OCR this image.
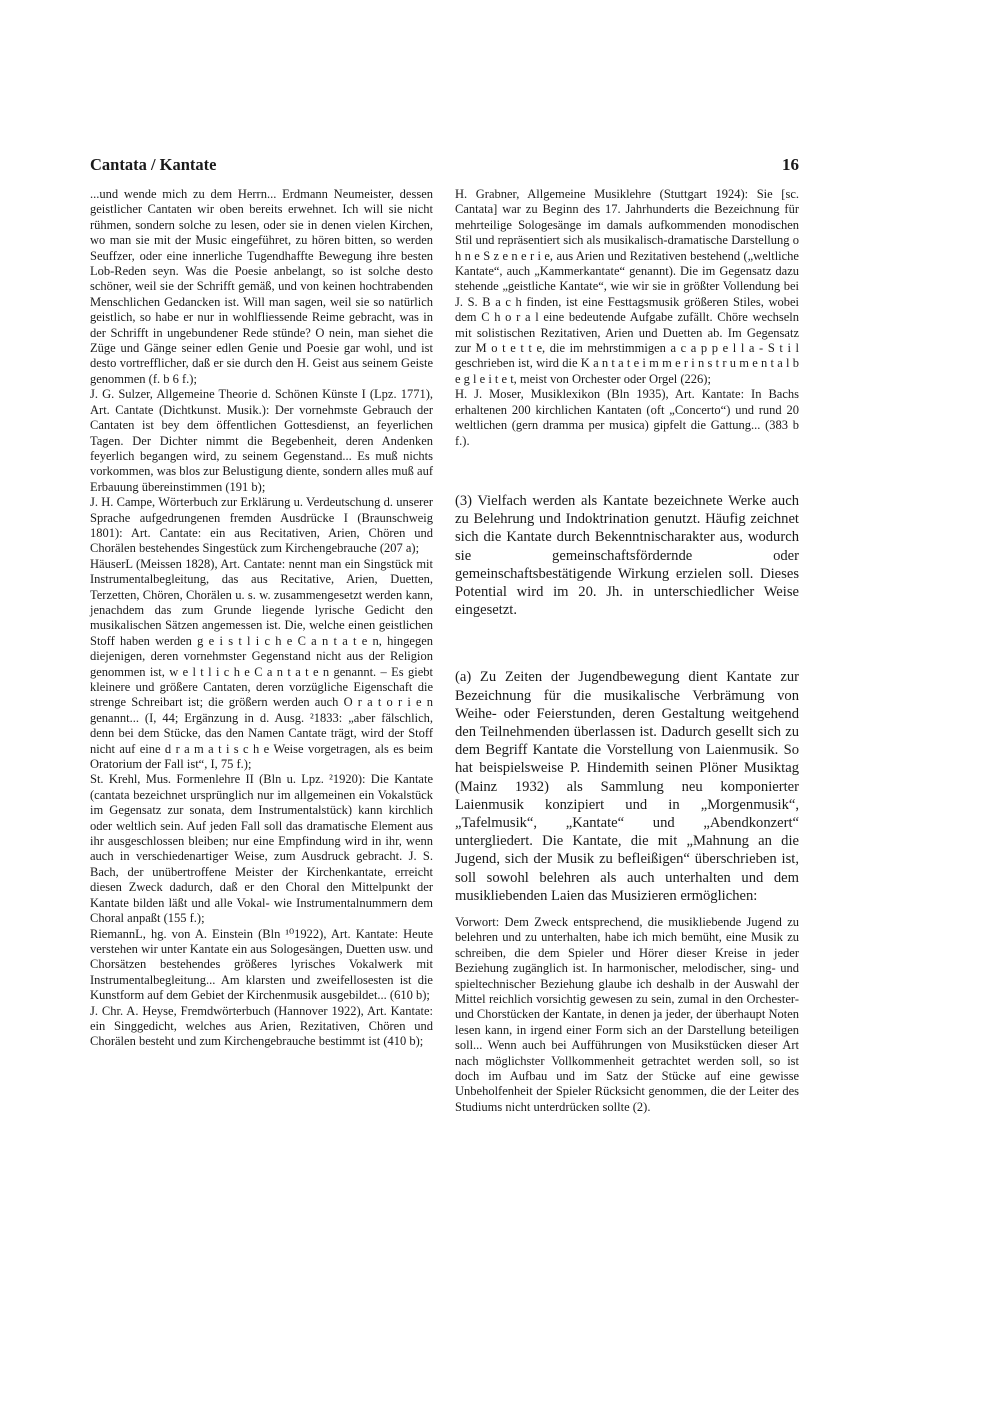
Cantata / Kantate	16

...und wende mich zu dem Herrn... Erdmann Neumeister, dessen geistlicher Cantaten wir oben bereits erwehnet. Ich will sie nicht rühmen, sondern solche zu lesen, oder sie in denen vielen Kirchen, wo man sie mit der Music eingeführet, zu hören bitten, so werden Seuffzer, oder eine innerliche Tugendhaffte Bewegung ihre besten Lob-Reden seyn. Was die Poesie anbelangt, so ist solche desto schöner, weil sie der Schrifft gemäß, und von keinen hochtrabenden Menschlichen Gedancken ist. Will man sagen, weil sie so natürlich geistlich, so habe er nur in wohlfliessende Reime gebracht, was in der Schrifft in ungebundener Rede stünde? O nein, man siehet die Züge und Gänge seiner edlen Genie und Poesie gar wohl, und ist desto vortrefflicher, daß er sie durch den H. Geist aus seinem Geiste genommen (f. b 6 f.);

J. G. Sulzer, Allgemeine Theorie d. Schönen Künste I (Lpz. 1771), Art. Cantate (Dichtkunst. Musik.): Der vornehmste Gebrauch der Cantaten ist bey dem öffentlichen Gottesdienst, an feyerlichen Tagen. Der Dichter nimmt die Begebenheit, deren Andenken feyerlich begangen wird, zu seinem Gegenstand... Es muß nichts vorkommen, was blos zur Belustigung diente, sondern alles muß auf Erbauung übereinstimmen (191 b);

J. H. Campe, Wörterbuch zur Erklärung u. Verdeutschung d. unserer Sprache aufgedrungenen fremden Ausdrücke I (Braunschweig 1801): Art. Cantate: ein aus Recitativen, Arien, Chören und Chorälen bestehendes Singestück zum Kirchengebrauche (207 a);

HäuserL (Meissen 1828), Art. Cantate: nennt man ein Singstück mit Instrumentalbegleitung, das aus Recitative, Arien, Duetten, Terzetten, Chören, Chorälen u. s. w. zusammengesetzt werden kann, jenachdem das zum Grunde liegende lyrische Gedicht den musikalischen Sätzen angemessen ist. Die, welche einen geistlichen Stoff haben werden g e i s t l i c h e C a n t a t e n, hingegen diejenigen, deren vornehmster Gegenstand nicht aus der Religion genommen ist, w e l t l i c h e C a n t a t e n genannt. – Es giebt kleinere und größere Cantaten, deren vorzügliche Eigenschaft die strenge Schreibart ist; die größern werden auch O r a t o r i e n genannt... (I, 44; Ergänzung in d. Ausg. ²1833: „aber fälschlich, denn bei dem Stücke, das den Namen Cantate trägt, wird der Stoff nicht auf eine d r a m a t i s c h e Weise vorgetragen, als es beim Oratorium der Fall ist“, I, 75 f.);

St. Krehl, Mus. Formenlehre II (Bln u. Lpz. ²1920): Die Kantate (cantata bezeichnet ursprünglich nur im allgemeinen ein Vokalstück im Gegensatz zur sonata, dem Instrumentalstück) kann kirchlich oder weltlich sein. Auf jeden Fall soll das dramatische Element aus ihr ausgeschlossen bleiben; nur eine Empfindung wird in ihr, wenn auch in verschiedenartiger Weise, zum Ausdruck gebracht. J. S. Bach, der unübertroffene Meister der Kirchenkantate, erreicht diesen Zweck dadurch, daß er den Choral den Mittelpunkt der Kantate bilden läßt und alle Vokal- wie Instrumentalnummern dem Choral anpaßt (155 f.);

RiemannL, hg. von A. Einstein (Bln ¹⁰1922), Art. Kantate: Heute verstehen wir unter Kantate ein aus Sologesängen, Duetten usw. und Chorsätzen bestehendes größeres lyrisches Vokalwerk mit Instrumentalbegleitung... Am klarsten und zweifellosesten ist die Kunstform auf dem Gebiet der Kirchenmusik ausgebildet... (610 b);

J. Chr. A. Heyse, Fremdwörterbuch (Hannover 1922), Art. Kantate: ein Singgedicht, welches aus Arien, Rezitativen, Chören und Chorälen besteht und zum Kirchengebrauche bestimmt ist (410 b);

H. Grabner, Allgemeine Musiklehre (Stuttgart 1924): Sie [sc. Cantata] war zu Beginn des 17. Jahrhunderts die Bezeichnung für mehrteilige Sologesänge im damals aufkommenden monodischen Stil und repräsentiert sich als musikalisch-dramatische Darstellung o h n e S z e n e r i e, aus Arien und Rezitativen bestehend („weltliche Kantate“, auch „Kammerkantate“ genannt). Die im Gegensatz dazu stehende „geistliche Kantate“, wie wir sie in größter Vollendung bei J. S. B a c h finden, ist eine Festtagsmusik größeren Stiles, wobei dem C h o r a l eine bedeutende Aufgabe zufällt. Chöre wechseln mit solistischen Rezitativen, Arien und Duetten ab. Im Gegensatz zur M o t e t t e, die im mehrstimmigen a c a p p e l l a - S t i l geschrieben ist, wird die K a n t a t e i m m e r i n s t r u m e n t a l b e g l e i t e t, meist von Orchester oder Orgel (226);

H. J. Moser, Musiklexikon (Bln 1935), Art. Kantate: In Bachs erhaltenen 200 kirchlichen Kantaten (oft „Concerto“) und rund 20 weltlichen (gern dramma per musica) gipfelt die Gattung... (383 b f.).

(3) Vielfach werden als Kantate bezeichnete Werke auch zu Belehrung und Indoktrination genutzt. Häufig zeichnet sich die Kantate durch Bekenntnischarakter aus, wodurch sie gemeinschaftsfördernde oder gemeinschaftsbestätigende Wirkung erzielen soll. Dieses Potential wird im 20. Jh. in unterschiedlicher Weise eingesetzt.

(a) Zu Zeiten der Jugendbewegung dient Kantate zur Bezeichnung für die musikalische Verbrämung von Weihe- oder Feierstunden, deren Gestaltung weitgehend den Teilnehmenden überlassen ist. Dadurch gesellt sich zu dem Begriff Kantate die Vorstellung von Laienmusik. So hat beispielsweise P. Hindemith seinen Plöner Musiktag (Mainz 1932) als Sammlung neu komponierter Laienmusik konzipiert und in „Morgenmusik“, „Tafelmusik“, „Kantate“ und „Abendkonzert“ untergliedert. Die Kantate, die mit „Mahnung an die Jugend, sich der Musik zu befleißigen“ überschrieben ist, soll sowohl belehren als auch unterhalten und dem musikliebenden Laien das Musizieren ermöglichen:

Vorwort: Dem Zweck entsprechend, die musikliebende Jugend zu belehren und zu unterhalten, habe ich mich bemüht, eine Musik zu schreiben, die dem Spieler und Hörer dieser Kreise in jeder Beziehung zugänglich ist. In harmonischer, melodischer, sing- und spieltechnischer Beziehung glaube ich deshalb in der Auswahl der Mittel reichlich vorsichtig gewesen zu sein, zumal in den Orchester- und Chorstücken der Kantate, in denen ja jeder, der überhaupt Noten lesen kann, in irgend einer Form sich an der Darstellung beteiligen soll... Wenn auch bei Aufführungen von Musikstücken dieser Art nach möglichster Vollkommenheit getrachtet werden soll, so ist doch im Aufbau und im Satz der Stücke auf eine gewisse Unbeholfenheit der Spieler Rücksicht genommen, die der Leiter des Studiums nicht unterdrücken sollte (2).
